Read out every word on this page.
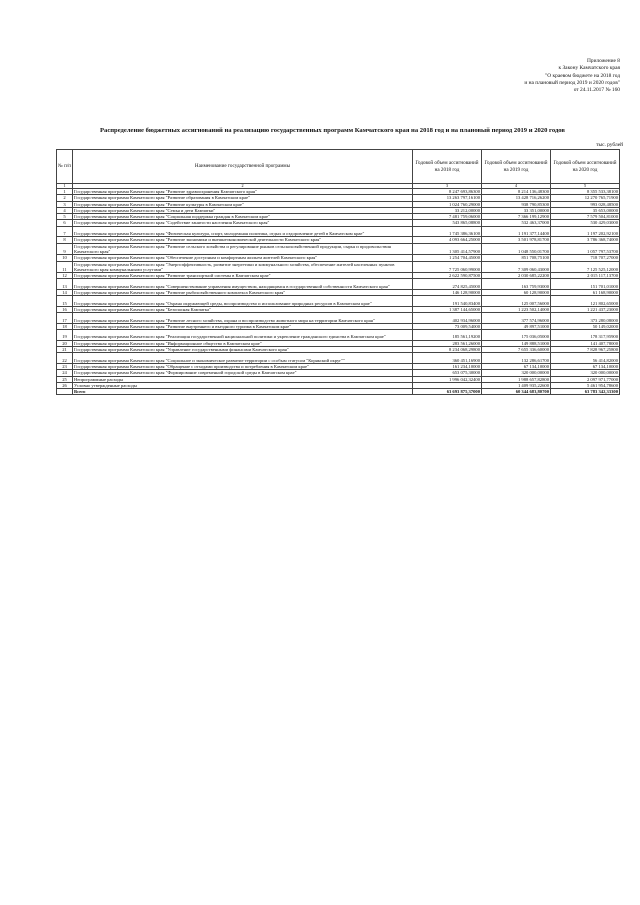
Приложение 8
к Закону Камчатского края
"О краевом бюджете на 2018 год
и на плановый период 2019 и 2020 годов"
от 24.11.2017 № 160
Распределение бюджетных ассигнований на реализацию государственных программ Камчатского края на 2018 год и на плановый период 2019 и 2020 годов
тыс. рублей
№ п/п	Наименование государственной программы	Годовой объем ассигнований на 2018 год	Годовой объем ассигнований на 2019 год	Годовой объем ассигнований на 2020 год
1	2	3	4	5
1	Государственная программа Камчатского края "Развитие здравоохранения Камчатского края"	8 247 693,86300	8 214 136,48300	8 355 533,38100
2	Государственная программа Камчатского края "Развитие образования в Камчатском крае"	13 263 797,16100	13 428 716,26200	12 270 765,71900
3	Государственная программа Камчатского края "Развитие культуры в Камчатском крае"	1 024 760,29000	938 790,85300	993 028,48500
4	Государственная программа Камчатского края "Семья и дети Камчатки"	33 212,00000	33 351,00000	35 653,00000
5	Государственная программа Камчатского края "Социальная поддержка граждан в Камчатском крае"	7 481 759,06000	7 366 199,12900	7 579 504,81000
6	Государственная программа Камчатского края "Содействие занятости населения Камчатского края"	543 865,08800	532 463,37000	530 429,03000
7	Государственная программа Камчатского края "Физическая культура, спорт, молодежная политика, отдых и оздоровление детей в Камчатском крае"	1 745 386,36100	1 191 377,14400	1 197 202,92100
8	Государственная программа Камчатского края "Развитие экономики и внешнеэкономической деятельности Камчатского края"	4 093 664,25000	3 501 978,81700	3 786 368,74000
9	Государственная программа Камчатского края "Развитие сельского хозяйства и регулирование рынков сельскохозяйственной продукции, сырья и продовольствия Камчатского края"	1 305 414,57900	1 048 550,01700	1 057 797,53700
10	Государственная программа Камчатского края "Обеспечение доступным и комфортным жильем жителей Камчатского края"	1 254 704,45000	851 708,75100	718 707,27000
11	Государственная программа Камчатского края "Энергоэффективность, развитие энергетики и коммунального хозяйства, обеспечение жителей населенных пунктов Камчатского края коммунальными услугами"	7 725 060,99000	7 309 060,43000	7 125 525,12000
12	Государственная программа Камчатского края "Развитие транспортной системы в Камчатском крае"	2 622 590,87500	2 030 685,22200	2 015 117,13700
13	Государственная программа Камчатского края "Совершенствование управления имуществом, находящимся в государственной собственности Камчатского края"	274 825,45000	163 759,93000	151 701,01000
14	Государственная программа Камчатского края "Развитие рыбохозяйственного комплекса Камчатского края"	146 128,90000	60 128,90000	61 168,90000
15	Государственная программа Камчатского края "Охрана окружающей среды, воспроизводство и использование природных ресурсов в Камчатском крае"	191 540,83400	125 007,56000	121 802,65000
16	Государственная программа Камчатского края "Безопасная Камчатка"	1 387 144,65000	1 223 502,14000	1 221 437,23000
17	Государственная программа Камчатского края "Развитие лесного хозяйства, охрана и воспроизводство животного мира на территории Камчатского края"	402 934,96000	377 574,96000	373 280,08000
18	Государственная программа Камчатского края "Развитие внутреннего и въездного туризма в Камчатском крае"	73 009,54000	49 897,51000	50 149,02000
19	Государственная программа Камчатского края "Реализация государственной национальной политики и укрепление гражданского единства в Камчатском крае"	185 561,19200	175 036,05000	178 317,95900
20	Государственная программа Камчатского края "Информационное общество в Камчатском крае"	283 561,26000	149 888,51000	141 407,78000
21	Государственная программа Камчатского края "Управление государственными финансами Камчатского края"	8 234 068,29800	7 655 336,60000	7 828 967,25800
22	Государственная программа Камчатского края "Социальное и экономическое развитие территории с особым статусом "Корякский округ""	360 451,16900	132 286,61700	56 414,82000
23	Государственная программа Камчатского края "Обращение с отходами производства и потребления в Камчатском крае"	161 234,10000	67 134,10000	67 134,10000
24	Государственная программа Камчатского края "Формирование современной городской среды в Камчатском крае"	653 075,30000	320 000,00000	320 000,00000
25	Непрограммные расходы	1 996 042,32400	1 988 657,82800	2 097 971,77000
26	Условно утвержденные расходы		1 409 935,22600	5 461 954,78600
	Всего	63 693 875,37000	60 344 683,80700	63 783 342,33300
